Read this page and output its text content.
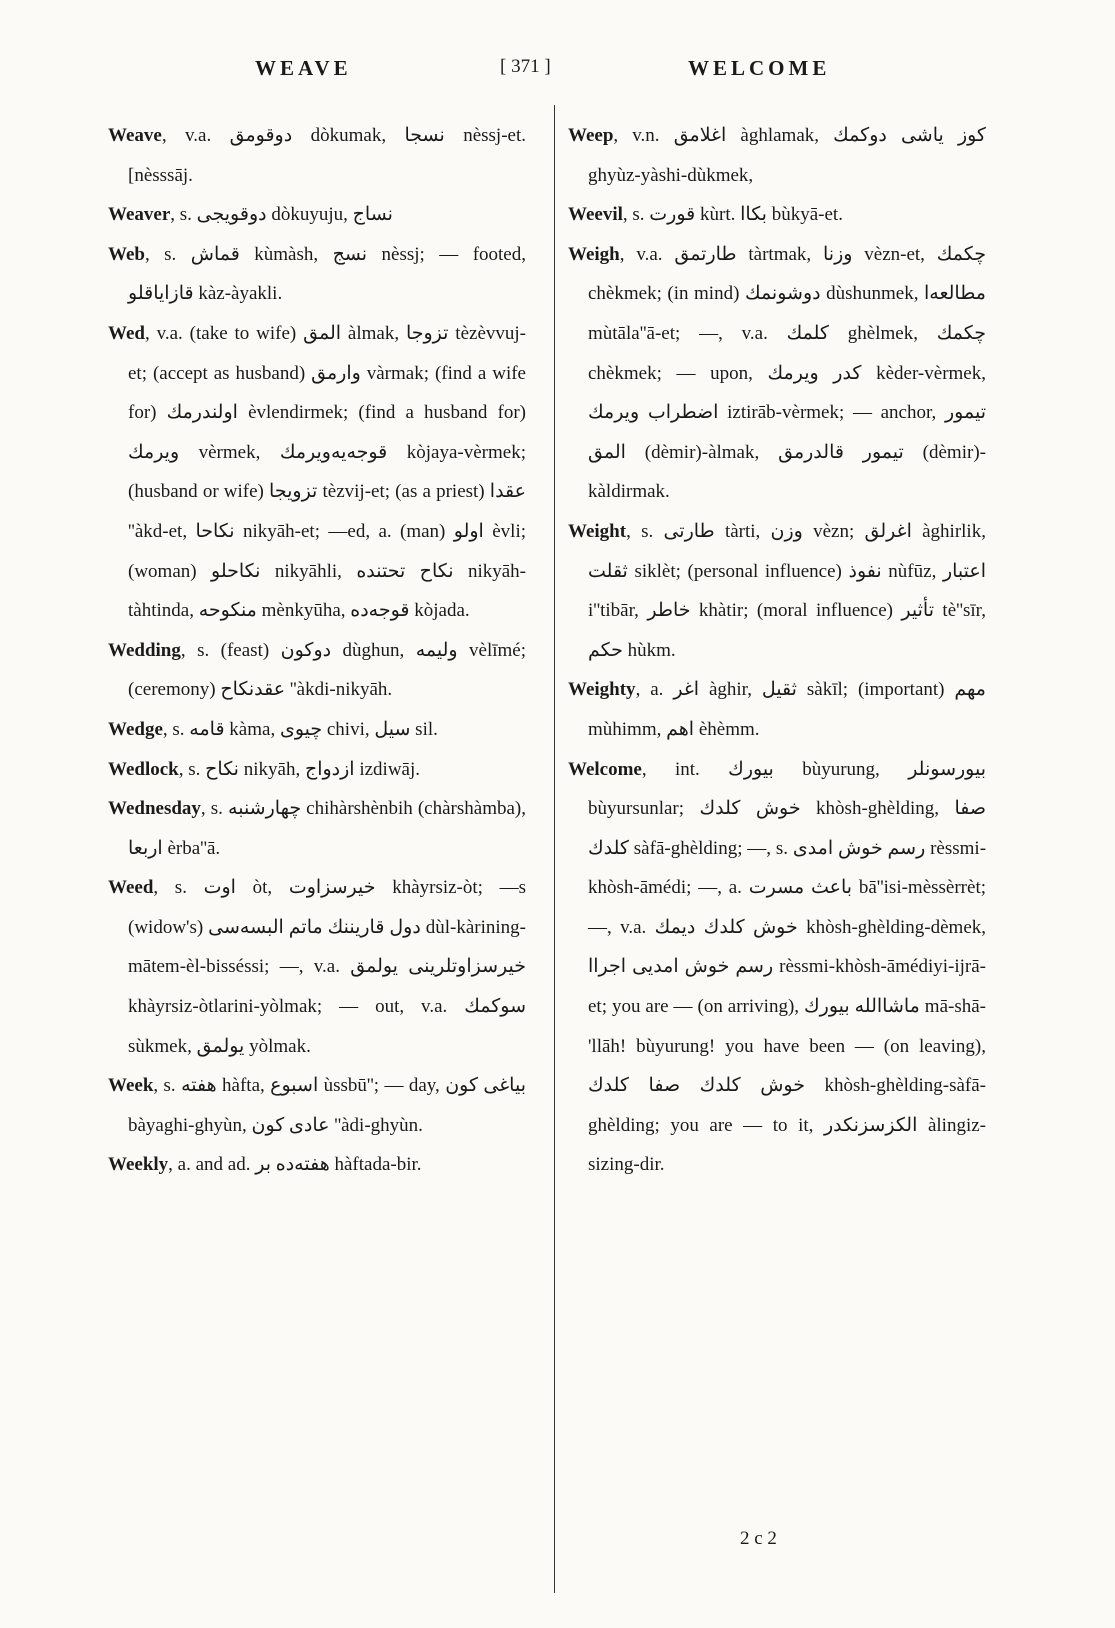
WEAVE	[ 371 ]	WELCOME

Weave, v.a. دوقومق dòkumak, نسجا nèssj-et. [nèsssāj.

Weaver, s. دوقویجی dòkuyuju, نساج

Web, s. قماش kùmàsh, نسج nèssj; — footed, قازایاقلو kàz-àyakli.

Wed, v.a. (take to wife) المق àlmak, تزوجا tèzèvvuj-et; (accept as husband) وارمق vàrmak; (find a wife for) اولندرمك èvlendirmek; (find a husband for) ویرمك vèrmek, قوجه‌یه‌ویرمك kòjaya-vèrmek; (husband or wife) تزویجا tèzvij-et; (as a priest) عقدا ''àkd-et, نكاحا nikyāh-et; —ed, a. (man) اولو èvli; (woman) نكاحلو nikyāhli, نكاح تحتنده nikyāh-tàhtinda, منكوحه mènkyūha, قوجه‌ده kòjada.

Wedding, s. (feast) دوكون dùghun, ولیمه vèlīmé; (ceremony) عقدنكاح ''àkdi-nikyāh.

Wedge, s. قامه kàma, چیوی chivi, سیل sil.

Wedlock, s. نكاح nikyāh, ازدواج izdiwāj.

Wednesday, s. چهارشنبه chihàrshènbih (chàrshàmba), اربعا èrba''ā.

Weed, s. اوت òt, خیرسزاوت khàyrsiz-òt; —s (widow's) دول قاریننك ماتم البسه‌سی dùl-kàrining-mātem-èl-bisséssi; —, v.a. خیرسزاوتلرینی یولمق khàyrsiz-òtlarini-yòlmak; — out, v.a. سوكمك sùkmek, یولمق yòlmak.

Week, s. هفته hàfta, اسبوع ùssbū''; — day, بیاغی كون bàyaghi-ghyùn, عادی كون ''àdi-ghyùn.

Weekly, a. and ad. هفته‌ده بر hàftada-bir.

Weep, v.n. اغلامق àghlamak, كوز یاشی دوكمك ghyùz-yàshi-dùkmek,

Weevil, s. قورت kùrt. بكاا bùkyā-et.

Weigh, v.a. طارتمق tàrtmak, وزنا vèzn-et, چكمك chèkmek; (in mind) دوشونمك dùshunmek, مطالعه‌ا mùtāla''ā-et; —, v.a. كلمك ghèlmek, چكمك chèkmek; — upon, كدر ویرمك kèder-vèrmek, اضطراب ویرمك iztirāb-vèrmek; — anchor, تیمور المق (dèmir)-àlmak, تیمور قالدرمق (dèmir)-kàldirmak.

Weight, s. طارتی tàrti, وزن vèzn; اغرلق àghirlik, ثقلت siklèt; (personal influence) نفوذ nùfūz, اعتبار i''tibār, خاطر khàtir; (moral influence) تأثیر tè''sīr, حكم hùkm.

Weighty, a. اغر àghir, ثقیل sàkīl; (important) مهم mùhimm, اهم èhèmm.

Welcome, int. بیورك bùyurung, بیورسونلر bùyursunlar; خوش كلدك khòsh-ghèlding, صفا كلدك sàfā-ghèlding; —, s. رسم خوش امدی rèssmi-khòsh-āmédi; —, a. باعث مسرت bā''isi-mèssèrrèt; —, v.a. خوش كلدك دیمك khòsh-ghèlding-dèmek, رسم خوش امدیی اجراا rèssmi-khòsh-āmédiyi-ijrā-et; you are — (on arriving), ماشاالله بیورك mā-shā-'llāh! bùyurung! you have been — (on leaving), خوش كلدك صفا كلدك khòsh-ghèlding-sàfā-ghèlding; you are — to it, الكزسزنكدر àlingiz-sizing-dir.

2 c 2
